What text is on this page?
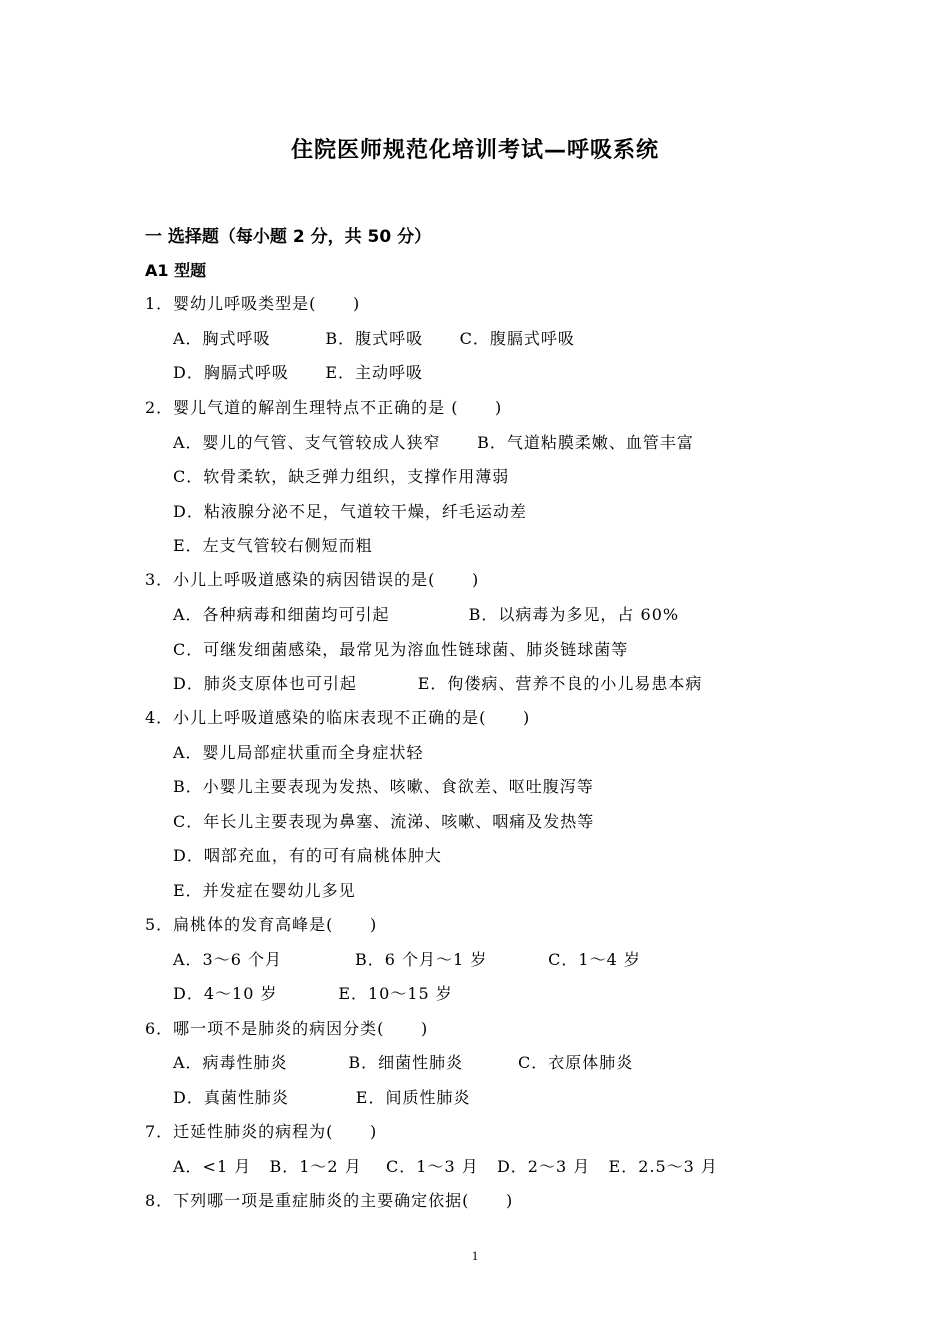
住院医师规范化培训考试—呼吸系统
一 选择题（每小题 2 分，共 50 分）
A1 型题
1．婴幼儿呼吸类型是(      )
A．胸式呼吸         B．腹式呼吸      C．腹膈式呼吸
D．胸膈式呼吸      E．主动呼吸
2．婴儿气道的解剖生理特点不正确的是 (      )
A．婴儿的气管、支气管较成人狭窄      B．气道粘膜柔嫩、血管丰富
C．软骨柔软，缺乏弹力组织，支撑作用薄弱
D．粘液腺分泌不足，气道较干燥，纤毛运动差
E．左支气管较右侧短而粗
3．小儿上呼吸道感染的病因错误的是(      )
A．各种病毒和细菌均可引起             B．以病毒为多见，占 60%
C．可继发细菌感染，最常见为溶血性链球菌、肺炎链球菌等
D．肺炎支原体也可引起          E．佝偻病、营养不良的小儿易患本病
4．小儿上呼吸道感染的临床表现不正确的是(      )
A．婴儿局部症状重而全身症状轻
B．小婴儿主要表现为发热、咳嗽、食欲差、呕吐腹泻等
C．年长儿主要表现为鼻塞、流涕、咳嗽、咽痛及发热等
D．咽部充血，有的可有扁桃体肿大
E．并发症在婴幼儿多见
5．扁桃体的发育高峰是(      )
A．3～6 个月            B．6 个月～1 岁          C．1～4 岁
D．4～10 岁          E．10～15 岁
6．哪一项不是肺炎的病因分类(      )
A．病毒性肺炎          B．细菌性肺炎         C．衣原体肺炎
D．真菌性肺炎           E．间质性肺炎
7．迁延性肺炎的病程为(      )
A．<1 月   B．1～2 月    C．1～3 月   D．2～3 月   E．2.5～3 月
8．下列哪一项是重症肺炎的主要确定依据(      )
1
